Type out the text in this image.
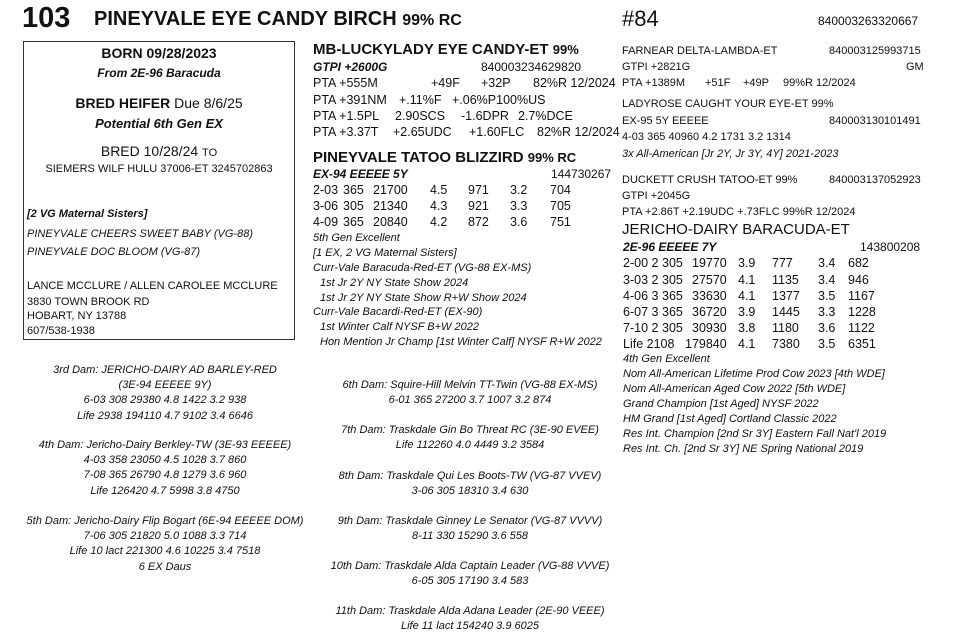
103 PINEYVALE EYE CANDY BIRCH 99% RC	#84	840003263320667
BORN 09/28/2023
From 2E-96 Baracuda
BRED HEIFER Due 8/6/25
Potential 6th Gen EX
BRED 10/28/24 TO
SIEMERS WILF HULU 37006-ET 3245702863
[2 VG Maternal Sisters]
PINEYVALE CHEERS SWEET BABY (VG-88)
PINEYVALE DOC BLOOM (VG-87)
LANCE MCCLURE / ALLEN CAROLEE MCCLURE
3830 TOWN BROOK RD
HOBART, NY 13788
607/538-1938
MB-LUCKYLADY EYE CANDY-ET 99%
GTPI +2600G	840003234629820
PTA +555M	+49F	+32P	82%R 12/2024
PTA +391NM +.11%F +.06%P100%US
PTA +1.5PL	2.90SCS	-1.6DPR 2.7%DCE
PTA +3.37T	+2.65UDC	+1.60FLC	82%R 12/2024
PINEYVALE TATOO BLIZZIRD 99% RC
EX-94 EEEEE 5Y	144730267
2-03 365 21700	4.5	971	3.2	704
3-06 305 21340	4.3	921	3.3	705
4-09 365 20840	4.2	872	3.6	751
5th Gen Excellent
[1 EX, 2 VG Maternal Sisters]
Curr-Vale Baracuda-Red-ET (VG-88 EX-MS)
1st Jr 2Y NY State Show 2024
1st Jr 2Y NY State Show R+W Show 2024
Curr-Vale Bacardi-Red-ET (EX-90)
1st Winter Calf NYSF B+W 2022
Hon Mention Jr Champ [1st Winter Calf] NYSF R+W 2022
FARNEAR DELTA-LAMBDA-ET	840003125993715
GTPI +2821G	GM
PTA +1389M	+51F	+49P	99%R 12/2024
LADYROSE CAUGHT YOUR EYE-ET 99%
EX-95 5Y EEEEE	840003130101491
4-03 365 40960 4.2 1731 3.2 1314
3x All-American [Jr 2Y, Jr 3Y, 4Y] 2021-2023
DUCKETT CRUSH TATOO-ET 99%	840003137052923
GTPI +2045G
PTA +2.86T +2.19UDC +.73FLC 99%R 12/2024
JERICHO-DAIRY BARACUDA-ET
2E-96 EEEEE 7Y	143800208
2-00 2 305 19770 3.9	777	3.4	682
3-03 2 305 27570 4.1	1135	3.4	946
4-06 3 365 33630 4.1	1377	3.5	1167
6-07 3 365 36720 3.9	1445	3.3	1228
7-10 2 305 30930 3.8	1180	3.6	1122
Life 2108 179840 4.1	7380	3.5	6351
4th Gen Excellent
Nom All-American Lifetime Prod Cow 2023 [4th WDE]
Nom All-American Aged Cow 2022 [5th WDE]
Grand Champion [1st Aged] NYSF 2022
HM Grand [1st Aged] Cortland Classic 2022
Res Int. Champion [2nd Sr 3Y] Eastern Fall Nat'l 2019
Res Int. Ch. [2nd Sr 3Y] NE Spring National 2019
3rd Dam: JERICHO-DAIRY AD BARLEY-RED
(3E-94 EEEEE 9Y)
6-03 308 29380 4.8 1422 3.2 938
Life 2938 194110 4.7 9102 3.4 6646
4th Dam: Jericho-Dairy Berkley-TW (3E-93 EEEEE)
4-03 358 23050 4.5 1028 3.7 860
7-08 365 26790 4.8 1279 3.6 960
Life 126420 4.7 5998 3.8 4750
5th Dam: Jericho-Dairy Flip Bogart (6E-94 EEEEE DOM)
7-06 305 21820 5.0 1088 3.3 714
Life 10 lact 221300 4.6 10225 3.4 7518
6 EX Daus
6th Dam: Squire-Hill Melvin TT-Twin (VG-88 EX-MS)
6-01 365 27200 3.7 1007 3.2 874
7th Dam: Traskdale Gin Bo Threat RC (3E-90 EVEE)
Life 112260 4.0 4449 3.2 3584
8th Dam: Traskdale Qui Les Boots-TW (VG-87 VVEV)
3-06 305 18310 3.4 630
9th Dam: Traskdale Ginney Le Senator (VG-87 VVVV)
8-11 330 15290 3.6 558
10th Dam: Traskdale Alda Captain Leader (VG-88 VVVE)
6-05 305 17190 3.4 583
11th Dam: Traskdale Alda Adana Leader (2E-90 VEEE)
Life 11 lact 154240 3.9 6025
